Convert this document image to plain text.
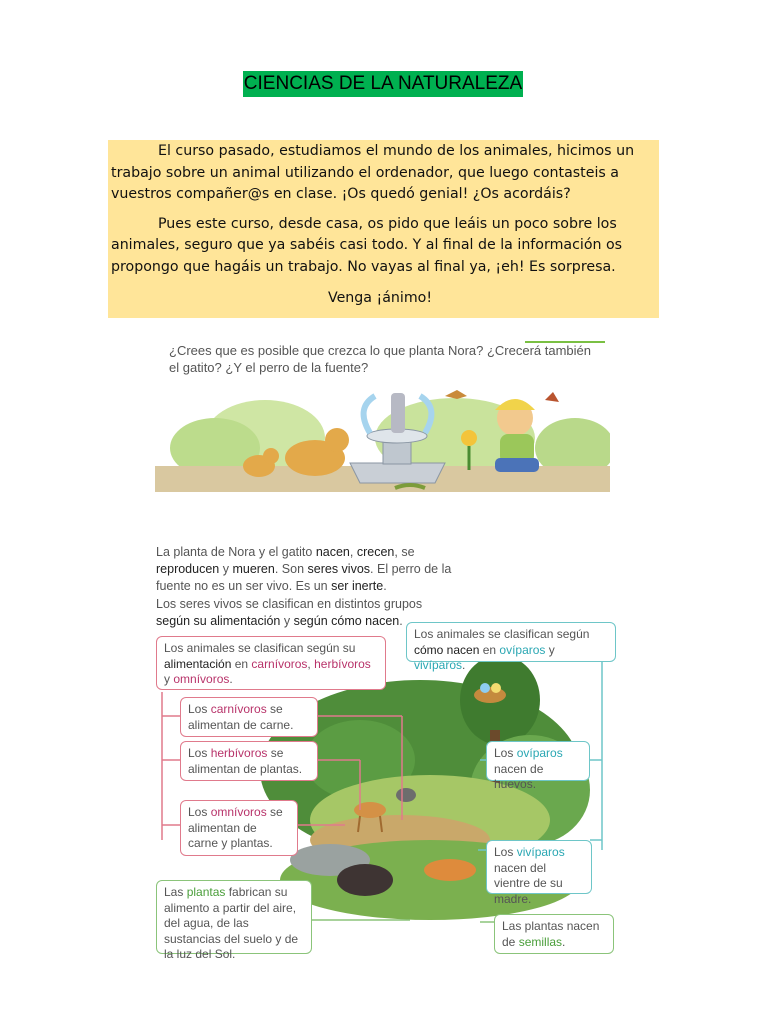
CIENCIAS DE LA NATURALEZA

El curso pasado, estudiamos el mundo de los animales, hicimos un trabajo sobre un animal utilizando el ordenador, que luego contasteis a vuestros compañer@s en clase. ¡Os quedó genial! ¿Os acordáis?

Pues este curso, desde casa, os pido que leáis un poco sobre los animales, seguro que ya sabéis casi todo. Y al final de la información os propongo que hagáis un trabajo. No vayas al final ya, ¡eh! Es sorpresa.

Venga ¡ánimo!

¿Crees que es posible que crezca lo que planta Nora? ¿Crecerá también el gatito? ¿Y el perro de la fuente?
La planta de Nora y el gatito nacen, crecen, se reproducen y mueren. Son seres vivos. El perro de la fuente no es un ser vivo. Es un ser inerte.
Los seres vivos se clasifican en distintos grupos según su alimentación y según cómo nacen.
Los animales se clasifican según su alimentación en carnívoros, herbívoros y omnívoros.
Los animales se clasifican según cómo nacen en ovíparos y vivíparos.
Los carnívoros se alimentan de carne.
Los herbívoros se alimentan de plantas.
Los omnívoros se alimentan de carne y plantas.
Los ovíparos nacen de huevos.
Los vivíparos nacen del vientre de su madre.
Las plantas fabrican su alimento a partir del aire, del agua, de las sustancias del suelo y de la luz del Sol.
Las plantas nacen de semillas.
